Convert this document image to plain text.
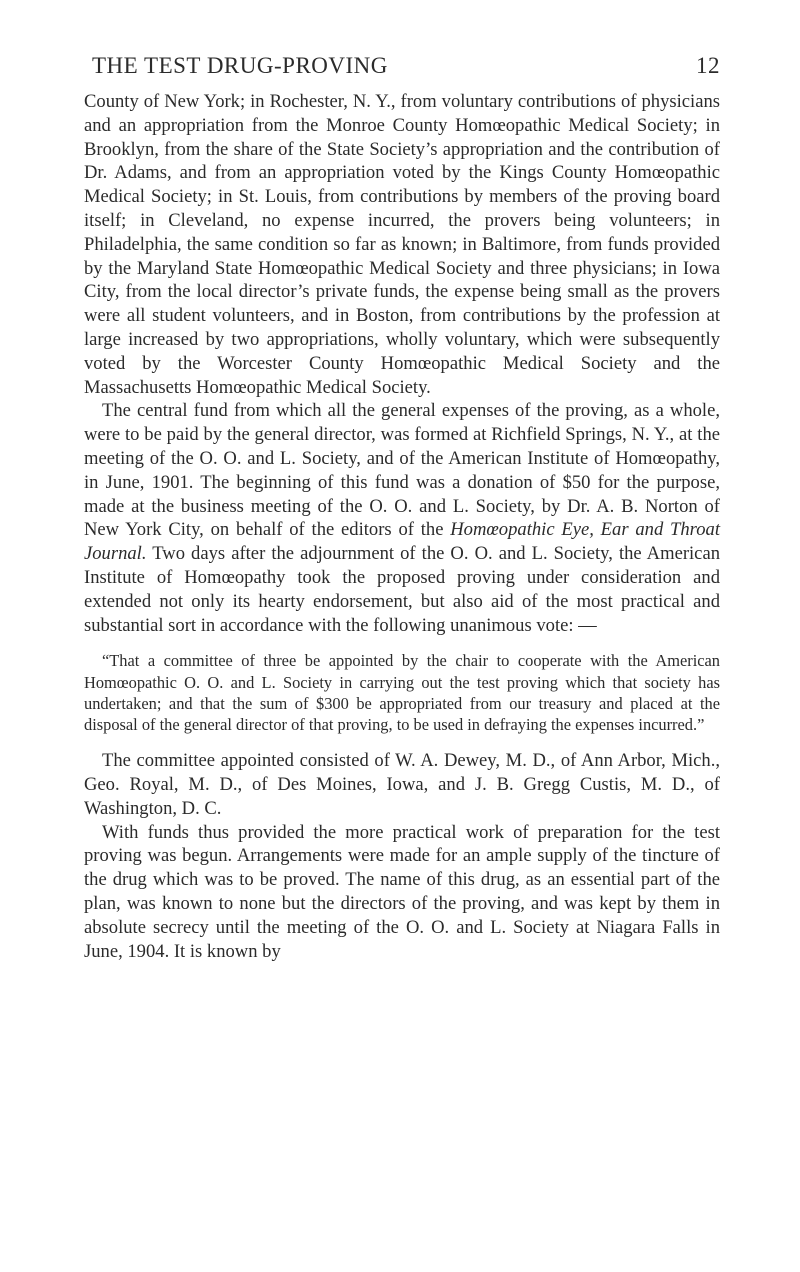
THE TEST DRUG-PROVING	12

County of New York; in Rochester, N. Y., from voluntary contributions of physicians and an appropriation from the Monroe County Homœopathic Medical Society; in Brooklyn, from the share of the State Society’s appropriation and the contribution of Dr. Adams, and from an appropriation voted by the Kings County Homœopathic Medical Society; in St. Louis, from contributions by members of the proving board itself; in Cleveland, no expense incurred, the provers being volunteers; in Philadelphia, the same condition so far as known; in Baltimore, from funds provided by the Maryland State Homœopathic Medical Society and three physicians; in Iowa City, from the local director’s private funds, the expense being small as the provers were all student volunteers, and in Boston, from contributions by the profession at large increased by two appropriations, wholly voluntary, which were subsequently voted by the Worcester County Homœopathic Medical Society and the Massachusetts Homœopathic Medical Society.

The central fund from which all the general expenses of the proving, as a whole, were to be paid by the general director, was formed at Richfield Springs, N. Y., at the meeting of the O. O. and L. Society, and of the American Institute of Homœopathy, in June, 1901. The beginning of this fund was a donation of $50 for the purpose, made at the business meeting of the O. O. and L. Society, by Dr. A. B. Norton of New York City, on behalf of the editors of the Homœopathic Eye, Ear and Throat Journal. Two days after the adjournment of the O. O. and L. Society, the American Institute of Homœopathy took the proposed proving under consideration and extended not only its hearty endorsement, but also aid of the most practical and substantial sort in accordance with the following unanimous vote: —

“That a committee of three be appointed by the chair to cooperate with the American Homœopathic O. O. and L. Society in carrying out the test proving which that society has undertaken; and that the sum of $300 be appropriated from our treasury and placed at the disposal of the general director of that proving, to be used in defraying the expenses incurred.”

The committee appointed consisted of W. A. Dewey, M. D., of Ann Arbor, Mich., Geo. Royal, M. D., of Des Moines, Iowa, and J. B. Gregg Custis, M. D., of Washington, D. C.

With funds thus provided the more practical work of preparation for the test proving was begun. Arrangements were made for an ample supply of the tincture of the drug which was to be proved. The name of this drug, as an essential part of the plan, was known to none but the directors of the proving, and was kept by them in absolute secrecy until the meeting of the O. O. and L. Society at Niagara Falls in June, 1904. It is known by
